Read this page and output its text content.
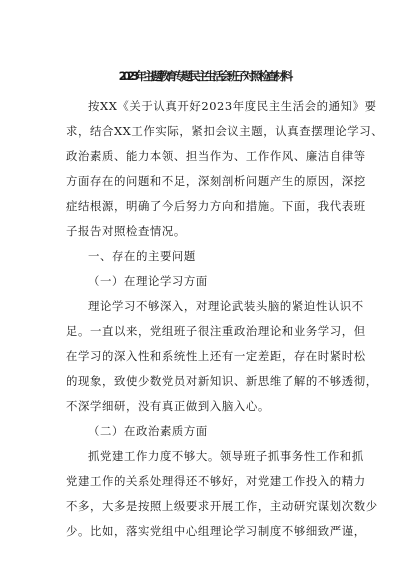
2023年主题教育专题民主生活会班子对照检查材料
按XX《关于认真开好2023年度民主生活会的通知》要
求，结合XX工作实际，紧扣会议主题，认真查摆理论学习、
政治素质、能力本领、担当作为、工作作风、廉洁自律等
方面存在的问题和不足，深刻剖析问题产生的原因，深挖
症结根源，明确了今后努力方向和措施。下面，我代表班
子报告对照检查情况。
一、存在的主要问题
（一）在理论学习方面
理论学习不够深入，对理论武装头脑的紧迫性认识不
足。一直以来，党组班子很注重政治理论和业务学习，但
在学习的深入性和系统性上还有一定差距，存在时紧时松
的现象，致使少数党员对新知识、新思维了解的不够透彻，
不深学细研，没有真正做到入脑入心。
（二）在政治素质方面
抓党建工作力度不够大。领导班子抓事务性工作和抓
党建工作的关系处理得还不够好，对党建工作投入的精力
不多，大多是按照上级要求开展工作，主动研究谋划次数少
少。比如，落实党组中心组理论学习制度不够细致严谨，
